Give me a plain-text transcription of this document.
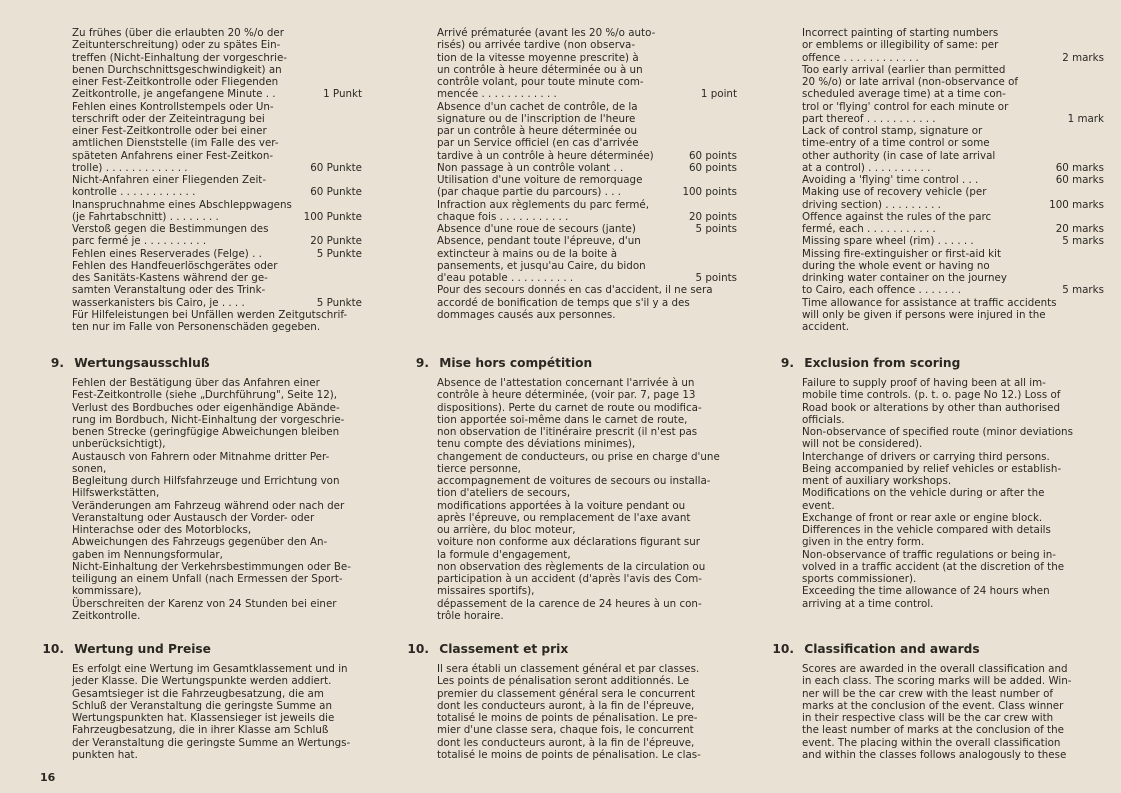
Zu frühes (über die erlaubten 20 %/o der

Zeitunterschreitung) oder zu spätes Ein-

treffen (Nicht-Einhaltung der vorgeschrie-

benen Durchschnittsgeschwindigkeit) an

einer Fest-Zeitkontrolle oder Fliegenden

Zeitkontrolle, je angefangene Minute . .	1 Punkt

Fehlen eines Kontrollstempels oder Un-

terschrift oder der Zeiteintragung bei

einer Fest-Zeitkontrolle oder bei einer

amtlichen Dienststelle (im Falle des ver-

späteten Anfahrens einer Fest-Zeitkon-

trolle) . . . . . . . . . . . . .	60 Punkte

Nicht-Anfahren einer Fliegenden Zeit-

kontrolle . . . . . . . . . . . .	60 Punkte

Inanspruchnahme eines Abschleppwagens

(je Fahrtabschnitt) . . . . . . . .	100 Punkte

Verstoß gegen die Bestimmungen des

parc fermé je . . . . . . . . . .	20 Punkte

Fehlen eines Reserverades (Felge) . .	5 Punkte

Fehlen des Handfeuerlöschgerätes oder

des Sanitäts-Kastens während der ge-

samten Veranstaltung oder des Trink-

wasserkanisters bis Cairo, je . . . .	5 Punkte

Für Hilfeleistungen bei Unfällen werden Zeitgutschrif-

ten nur im Falle von Personenschäden gegeben.

9. Wertungsausschluß

Fehlen der Bestätigung über das Anfahren einer

Fest-Zeitkontrolle (siehe „Durchführung", Seite 12),

Verlust des Bordbuches oder eigenhändige Abände-

rung im Bordbuch, Nicht-Einhaltung der vorgeschrie-

benen Strecke (geringfügige Abweichungen bleiben

unberücksichtigt),

Austausch von Fahrern oder Mitnahme dritter Per-

sonen,

Begleitung durch Hilfsfahrzeuge und Errichtung von

Hilfswerkstätten,

Veränderungen am Fahrzeug während oder nach der

Veranstaltung oder Austausch der Vorder- oder

Hinterachse oder des Motorblocks,

Abweichungen des Fahrzeugs gegenüber den An-

gaben im Nennungsformular,

Nicht-Einhaltung der Verkehrsbestimmungen oder Be-

teiligung an einem Unfall (nach Ermessen der Sport-

kommissare),

Überschreiten der Karenz von 24 Stunden bei einer

Zeitkontrolle.

10. Wertung und Preise

Es erfolgt eine Wertung im Gesamtklassement und in

jeder Klasse. Die Wertungspunkte werden addiert.

Gesamtsieger ist die Fahrzeugbesatzung, die am

Schluß der Veranstaltung die geringste Summe an

Wertungspunkten hat. Klassensieger ist jeweils die

Fahrzeugbesatzung, die in ihrer Klasse am Schluß

der Veranstaltung die geringste Summe an Wertungs-

punkten hat.

Arrivé prématurée (avant les 20 %/o auto-

risés) ou arrivée tardive (non observa-

tion de la vitesse moyenne prescrite) à

un contrôle à heure déterminée ou à un

contrôle volant, pour toute minute com-

mencée . . . . . . . . . . . .	1 point

Absence d'un cachet de contrôle, de la

signature ou de l'inscription de l'heure

par un contrôle à heure déterminée ou

par un Service officiel (en cas d'arrivée

tardive à un contrôle à heure déterminée)	60 points

Non passage à un contrôle volant . .	60 points

Utilisation d'une voiture de remorquage

(par chaque partie du parcours) . . .	100 points

Infraction aux règlements du parc fermé,

chaque fois . . . . . . . . . . .	20 points

Absence d'une roue de secours (jante)	5 points

Absence, pendant toute l'épreuve, d'un

extincteur à mains ou de la boite à

pansements, et jusqu'au Caire, du bidon

d'eau potable . . . . . . . . . .	5 points

Pour des secours donnés en cas d'accident, il ne sera

accordé de bonification de temps que s'il y a des

dommages causés aux personnes.

9. Mise hors compétition

Absence de l'attestation concernant l'arrivée à un

contrôle à heure déterminée, (voir par. 7, page 13

dispositions). Perte du carnet de route ou modifica-

tion apportée soi-même dans le carnet de route,

non observation de l'itinéraire prescrit (il n'est pas

tenu compte des déviations minimes),

changement de conducteurs, ou prise en charge d'une

tierce personne,

accompagnement de voitures de secours ou installa-

tion d'ateliers de secours,

modifications apportées à la voiture pendant ou

après l'épreuve, ou remplacement de l'axe avant

ou arrière, du bloc moteur,

voiture non conforme aux déclarations figurant sur

la formule d'engagement,

non observation des règlements de la circulation ou

participation à un accident (d'après l'avis des Com-

missaires sportifs),

dépassement de la carence de 24 heures à un con-

trôle horaire.

10. Classement et prix

Il sera établi un classement général et par classes.

Les points de pénalisation seront additionnés. Le

premier du classement général sera le concurrent

dont les conducteurs auront, à la fin de l'épreuve,

totalisé le moins de points de pénalisation. Le pre-

mier d'une classe sera, chaque fois, le concurrent

dont les conducteurs auront, à la fin de l'épreuve,

totalisé le moins de points de pénalisation. Le clas-

Incorrect painting of starting numbers

or emblems or illegibility of same: per

offence . . . . . . . . . . . .	2 marks

Too early arrival (earlier than permitted

20 %/o) or late arrival (non-observance of

scheduled average time) at a time con-

trol or 'flying' control for each minute or

part thereof . . . . . . . . . . .	1 mark

Lack of control stamp, signature or

time-entry of a time control or some

other authority (in case of late arrival

at a control) . . . . . . . . . .	60 marks

Avoiding a 'flying' time control . . .	60 marks

Making use of recovery vehicle (per

driving section) . . . . . . . . .	100 marks

Offence against the rules of the parc

fermé, each . . . . . . . . . . .	20 marks

Missing spare wheel (rim) . . . . . .	5 marks

Missing fire-extinguisher or first-aid kit

during the whole event or having no

drinking water container on the journey

to Cairo, each offence . . . . . . .	5 marks

Time allowance for assistance at traffic accidents

will only be given if persons were injured in the

accident.

9. Exclusion from scoring

Failure to supply proof of having been at all im-

mobile time controls. (p. t. o. page No 12.) Loss of

Road book or alterations by other than authorised

officials.

Non-observance of specified route (minor deviations

will not be considered).

Interchange of drivers or carrying third persons.

Being accompanied by relief vehicles or establish-

ment of auxiliary workshops.

Modifications on the vehicle during or after the

event.

Exchange of front or rear axle or engine block.

Differences in the vehicle compared with details

given in the entry form.

Non-observance of traffic regulations or being in-

volved in a traffic accident (at the discretion of the

sports commissioner).

Exceeding the time allowance of 24 hours when

arriving at a time control.

10. Classification and awards

Scores are awarded in the overall classification and

in each class. The scoring marks will be added. Win-

ner will be the car crew with the least number of

marks at the conclusion of the event. Class winner

in their respective class will be the car crew with

the least number of marks at the conclusion of the

event. The placing within the overall classification

and within the classes follows analogously to these

16
